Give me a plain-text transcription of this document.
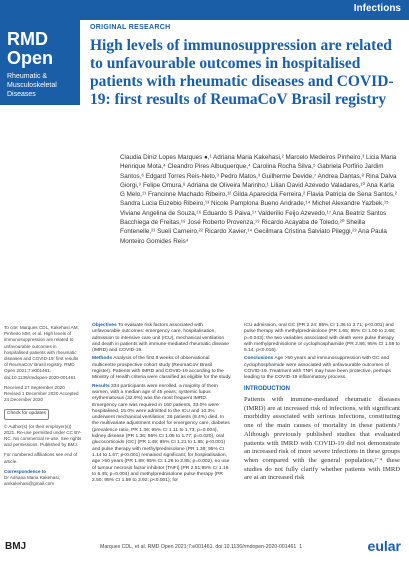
Infections
RMD
Open
Rheumatic & Musculoskeletal Diseases
ORIGINAL RESEARCH
High levels of immunosuppression are related to unfavourable outcomes in hospitalised patients with rheumatic diseases and COVID-19: first results of ReumaCoV Brasil registry
Claudia Diniz Lopes Marques ●,¹ Adriana Maria Kakehasi,² Marcelo Medeiros Pinheiro,³ Licia Maria Henrique Mota,⁴ Cleandro Pires Albuquerque,⁴ Carolina Rocha Silva,⁵ Gabriela Porfirio Jardim Santos,⁶ Edgard Torres Reis-Neto,³ Pedro Matos,³ Guilherme Devide,⁷ Andrea Dantas,⁸ Rina Dalva Giorgi,⁹ Felipe Omura,⁸ Adriana de Oliveira Marinho,¹ Lilian David Azevedo Valadares,¹⁰ Ana Karla G Melo,¹¹ Francinne Machado Ribeiro,¹² Gilda Aparecida Ferreira,² Flavia Patricia de Sena Santos,² Sandra Lucia Euzebio Ribeiro,¹³ Nicole Pamplona Bueno Andrade,¹⁴ Michel Alexandre Yazbek,¹⁵ Viviane Angelina de Souza,¹⁶ Eduardo S Paiva,¹⁷ Valderilio Feijo Azevedo,¹⁷ Ana Beatriz Santos Bacchiega de Freitas,¹⁸ José Roberto Provenza,¹⁹ Ricardo Acayaba de Toledo,²⁰ Sheilla Fontenelle,²¹ Sueli Carneiro,²² Ricardo Xavier,¹⁴ Gecilmara Cristina Salviato Pileggi,²³ Ana Paula Monteiro Gomides Reis⁴

To cite: Marques CDL, Kakehasi AM, Pinheiro MM, et al. High levels of immunosuppression are related to unfavourable outcomes in hospitalised patients with rheumatic diseases and COVID-19: first results of ReumaCoV Brasil registry. RMD Open 2021;7:e001461. doi:10.1136/rmdopen-2020-001461

Received 27 September 2020 Revised 1 December 2020 Accepted 24 December 2020

Check for updates

© Author(s) (or their employer(s)) 2021. Re-use permitted under CC BY-NC. No commercial re-use. See rights and permissions. Published by BMJ.

For numbered affiliations see end of article.

Correspondence to

Dr Adriana Maria Kakehasi; amkakehasi@gmail.com

Objectives To evaluate risk factors associated with unfavourable outcomes: emergency care, hospitalisation, admission to intensive care unit (ICU), mechanical ventilation and death in patients with immune-mediated rheumatic disease (IMRD) and COVID-19.

Methods Analysis of the first 8 weeks of observational multicentre prospective cohort study (ReumaCoV Brasil register). Patients with IMRD and COVID-19 according to the Ministry of Health criteria were classified as eligible for the study.

Results 334 participants were enrolled, a majority of them women, with a median age of 45 years; systemic lupus erythematosus (32.9%) was the most frequent IMRD. Emergency care was required in 160 patients, 33.0% were hospitalised, 15.0% were admitted to the ICU and 10.3% underwent mechanical ventilation; 26 patients (8.4%) died. In the multivariate adjustment model for emergency care, diabetes (prevalence ratio, PR 1.36; 95% CI 1.11 to 1.73; p=0.004), kidney disease (PR 1.36; 95% CI 1.05 to 1.77; p=0.020), oral glucocorticoids (GC) (PR 1.49; 95% CI 1.21 to 1.85; p<0.001) and pulse therapy with methylprednisolone (PR 1.38; 95% CI 1.14 to 1.67; p<0.001) remained significant; for hospitalisation, age >50 years (PR 1.89; 95% CI 1.26 to 2.85; p=0.002), no use of tumour necrosis factor inhibitor (TNFi) (PR 2.51;95% CI 1.16 to 5.45; p=0.004) and methylprednisolone pulse therapy (PR 2.50; 95% CI 1.59 to 3.92; p<0.001); for

ICU admission, oral GC (PR 2.24; 95% CI 1.36 to 3.71; p<0.001) and pulse therapy with methylprednisolone (PR 1.65; 95% CI 1.00 to 2.68; p=0.043); the two variables associated with death were pulse therapy with methylprednisolone or cyclophosphamide (PR 2.86; 95% CI 1.59 to 5.14; p<0.016).

Conclusions Age >50 years and immunosuppression with GC and cyclophosphamide were associated with unfavourable outcomes of COVID-19. Treatment with TNFi may have been protective, perhaps leading to the COVID-19 inflammatory process.

INTRODUCTION
Patients with immune-mediated rheumatic diseases (IMRD) are at increased risk of infections, with significant morbidity associated with serious infections, constituting one of the main causes of mortality in these patients.¹ Although previously published studies that evaluated patients with IMRD with COVID-19 did not demonstrate an increased risk of more severe infections in these groups when compared with the general population,²⁻⁴ these studies do not fully clarify whether patients with IMRD are at an increased risk
BMJ	Marques CDL, et al. RMD Open 2021;7:e001461. doi:10.1136/rmdopen-2020-001461 1	eular
